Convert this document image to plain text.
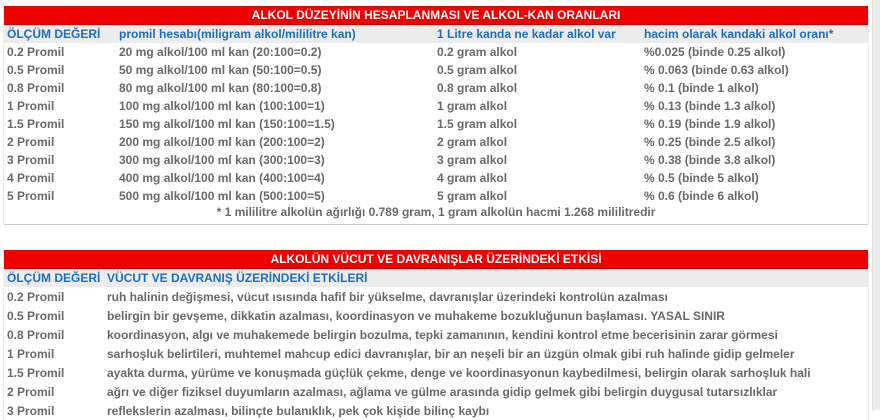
ALKOL DÜZEYİNİN HESAPLANMASI VE ALKOL-KAN ORANLARI
ÖLÇÜM DEĞERİ	promil hesabı(miligram alkol/mililitre kan)	1 Litre kanda ne kadar alkol var	hacim olarak kandaki alkol oranı*
0.2 Promil	20 mg alkol/100 ml kan (20:100=0.2)	0.2 gram alkol	%0.025 (binde 0.25 alkol)
0.5 Promil	50 mg alkol/100 ml kan (50:100=0.5)	0.5 gram alkol	% 0.063 (binde 0.63 alkol)
0.8 Promil	80 mg alkol/100 ml kan (80:100=0.8)	0.8 gram alkol	% 0.1 (binde 1 alkol)
1 Promil	100 mg alkol/100 ml kan (100:100=1)	1 gram alkol	% 0.13 (binde 1.3 alkol)
1.5 Promil	150 mg alkol/100 ml kan (150:100=1.5)	1.5 gram alkol	% 0.19 (binde 1.9 alkol)
2 Promil	200 mg alkol/100 ml kan (200:100=2)	2 gram alkol	% 0.25 (binde 2.5 alkol)
3 Promil	300 mg alkol/100 ml kan (300:100=3)	3 gram alkol	% 0.38 (binde 3.8 alkol)
4 Promil	400 mg alkol/100 ml kan (400:100=4)	4 gram alkol	% 0.5 (binde 5 alkol)
5 Promil	500 mg alkol/100 ml kan (500:100=5)	5 gram alkol	% 0.6 (binde 6 alkol)
* 1 mililitre alkolün ağırlığı 0.789 gram, 1 gram alkolün hacmi 1.268 mililitredir
ALKOLÜN VÜCUT VE DAVRANIŞLAR ÜZERİNDEKİ ETKİSİ
ÖLÇÜM DEĞERİ	VÜCUT VE DAVRANIŞ ÜZERİNDEKİ ETKİLERİ
0.2 Promil	ruh halinin değişmesi, vücut ısısında hafif bir yükselme, davranışlar üzerindeki kontrolün azalması
0.5 Promil	belirgin bir gevşeme, dikkatin azalması, koordinasyon ve muhakeme bozukluğunun başlaması. YASAL SINIR
0.8 Promil	koordinasyon, algı ve muhakemede belirgin bozulma, tepki zamanının, kendini kontrol etme becerisinin zarar görmesi
1 Promil	sarhoşluk belirtileri, muhtemel mahcup edici davranışlar, bir an neşeli bir an üzgün olmak gibi ruh halinde gidip gelmeler
1.5 Promil	ayakta durma, yürüme ve konuşmada güçlük çekme, denge ve koordinasyonun kaybedilmesi, belirgin olarak sarhoşluk hali
2 Promil	ağrı ve diğer fiziksel duyumların azalması, ağlama ve gülme arasında gidip gelmek gibi belirgin duygusal tutarsızlıklar
3 Promil	reflekslerin azalması, bilinçte bulanıklık, pek çok kişide bilinç kaybı
